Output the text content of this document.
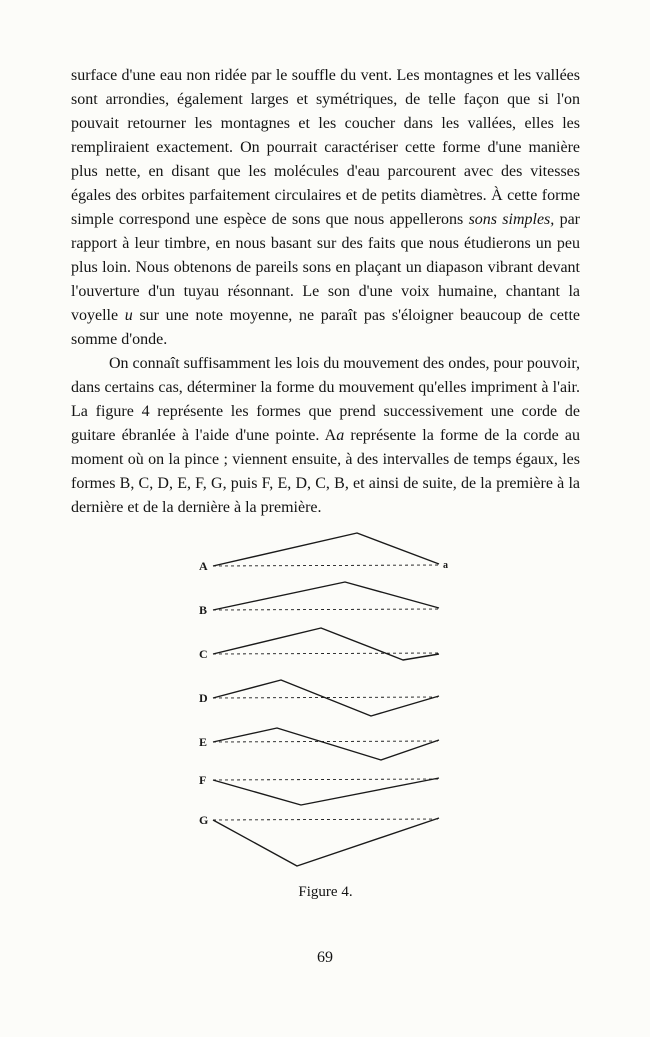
surface d'une eau non ridée par le souffle du vent. Les montagnes et les vallées sont arrondies, également larges et symétriques, de telle façon que si l'on pouvait retourner les montagnes et les coucher dans les vallées, elles les rempliraient exactement. On pourrait caractériser cette forme d'une manière plus nette, en disant que les molécules d'eau parcourent avec des vitesses égales des orbites parfaitement circulaires et de petits diamètres. À cette forme simple correspond une espèce de sons que nous appellerons sons simples, par rapport à leur timbre, en nous basant sur des faits que nous étudierons un peu plus loin. Nous obtenons de pareils sons en plaçant un diapason vibrant devant l'ouverture d'un tuyau résonnant. Le son d'une voix humaine, chantant la voyelle u sur une note moyenne, ne paraît pas s'éloigner beaucoup de cette somme d'onde.

On connaît suffisamment les lois du mouvement des ondes, pour pouvoir, dans certains cas, déterminer la forme du mouvement qu'elles impriment à l'air. La figure 4 représente les formes que prend successivement une corde de guitare ébranlée à l'aide d'une pointe. Aa représente la forme de la corde au moment où on la pince ; viennent ensuite, à des intervalles de temps égaux, les formes B, C, D, E, F, G, puis F, E, D, C, B, et ainsi de suite, de la première à la dernière et de la dernière à la première.

A	a
B
C
D
E
F
G
Figure 4.
69
